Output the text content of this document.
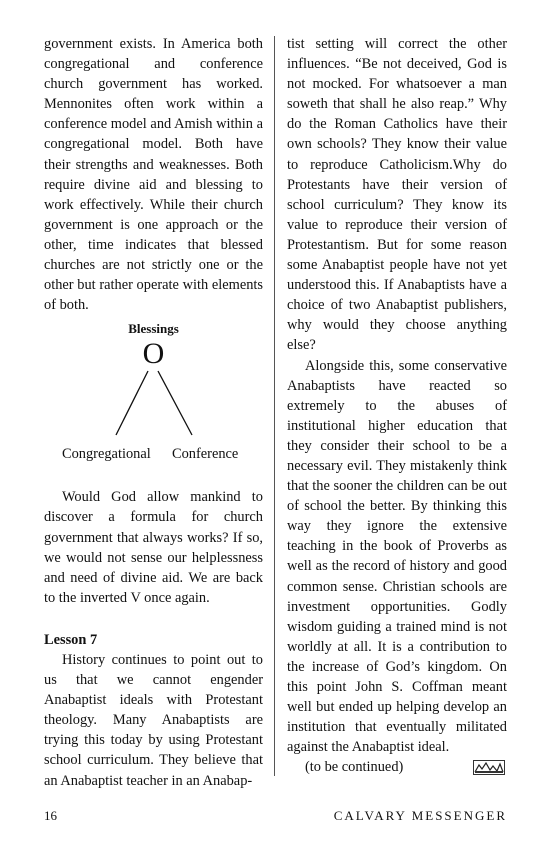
government exists. In America both congregational and conference church government has worked. Mennonites often work within a conference model and Amish within a congregational model. Both have their strengths and weaknesses. Both require divine aid and blessing to work effectively. While their church government is one approach or the other, time indicates that blessed churches are not strictly one or the other but rather operate with elements of both.

Blessings
O
Congregational Conference

Would God allow mankind to discover a formula for church government that always works? If so, we would not sense our helplessness and need of divine aid. We are back to the inverted V once again.

Lesson 7

History continues to point out to us that we cannot engender Anabaptist ideals with Protestant theology. Many Anabaptists are trying this today by using Protestant school curriculum. They believe that an Anabaptist teacher in an Anabap-

tist setting will correct the other influences. “Be not deceived, God is not mocked. For whatsoever a man soweth that shall he also reap.” Why do the Roman Catholics have their own schools? They know their value to reproduce Catholicism.Why do Protestants have their version of school curriculum? They know its value to reproduce their version of Protestantism. But for some reason some Anabaptist people have not yet understood this. If Anabaptists have a choice of two Anabaptist publishers, why would they choose anything else?

Alongside this, some conservative Anabaptists have reacted so extremely to the abuses of institutional higher education that they consider their school to be a necessary evil. They mistakenly think that the sooner the children can be out of school the better. By thinking this way they ignore the extensive teaching in the book of Proverbs as well as the record of history and good common sense. Christian schools are investment opportunities. Godly wisdom guiding a trained mind is not worldly at all. It is a contribution to the increase of God’s kingdom. On this point John S. Coffman meant well but ended up helping develop an institution that eventually militated against the Anabaptist ideal.

(to be continued)

16	CALVARY MESSENGER
